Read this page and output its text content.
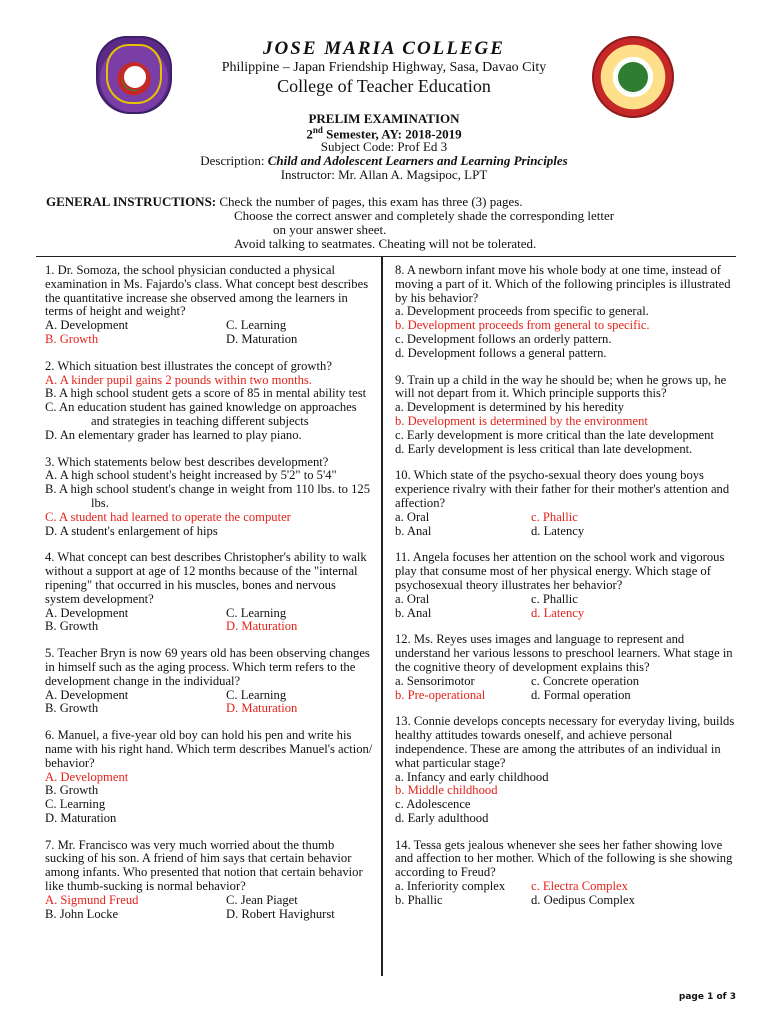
JOSE MARIA COLLEGE
Philippine – Japan Friendship Highway, Sasa, Davao City
College of Teacher Education
PRELIM EXAMINATION
2nd Semester, AY: 2018-2019
Subject Code: Prof Ed 3
Description: Child and Adolescent Learners and Learning Principles
Instructor: Mr. Allan A. Magsipoc, LPT
GENERAL INSTRUCTIONS: Check the number of pages, this exam has three (3) pages.
Choose the correct answer and completely shade the corresponding letter
on your answer sheet.
Avoid talking to seatmates. Cheating will not be tolerated.
1. Dr. Somoza, the school physician conducted a physical examination in Ms. Fajardo's class. What concept best describes the quantitative increase she observed among the learners in terms of height and weight?
A. Development	C. Learning
B. Growth	D. Maturation
2. Which situation best illustrates the concept of growth?
A. A kinder pupil gains 2 pounds within two months.
B. A high school student gets a score of 85 in mental ability test
C. An education student has gained knowledge on approaches and strategies in teaching different subjects
D. An elementary grader has learned to play piano.
3. Which statements below best describes development?
A. A high school student's height increased by 5'2" to 5'4"
B. A high school student's change in weight from 110 lbs. to 125 lbs.
C. A student had learned to operate the computer
D. A student's enlargement of hips
4. What concept can best describes Christopher's ability to walk without a support at age of 12 months because of the "internal ripening" that occurred in his muscles, bones and nervous system development?
A. Development	C. Learning
B. Growth	D. Maturation
5. Teacher Bryn is now 69 years old has been observing changes in himself such as the aging process. Which term refers to the development change in the individual?
A. Development	C. Learning
B. Growth	D. Maturation
6. Manuel, a five-year old boy can hold his pen and write his name with his right hand. Which term describes Manuel's action/ behavior?
A. Development
B. Growth
C. Learning
D. Maturation
7. Mr. Francisco was very much worried about the thumb sucking of his son. A friend of him says that certain behavior among infants. Who presented that notion that certain behavior like thumb-sucking is normal behavior?
A. Sigmund Freud	C. Jean Piaget
B. John Locke	D. Robert Havighurst
8. A newborn infant move his whole body at one time, instead of moving a part of it. Which of the following principles is illustrated by his behavior?
a. Development proceeds from specific to general.
b. Development proceeds from general to specific.
c. Development follows an orderly pattern.
d. Development follows a general pattern.
9. Train up a child in the way he should be; when he grows up, he will not depart from it. Which principle supports this?
a. Development is determined by his heredity
b. Development is determined by the environment
c. Early development is more critical than the late development
d. Early development is less critical than late development.
10. Which state of the psycho-sexual theory does young boys experience rivalry with their father for their mother's attention and affection?
a. Oral	c. Phallic
b. Anal	d. Latency
11. Angela focuses her attention on the school work and vigorous play that consume most of her physical energy. Which stage of psychosexual theory illustrates her behavior?
a. Oral	c. Phallic
b. Anal	d. Latency
12. Ms. Reyes uses images and language to represent and understand her various lessons to preschool learners. What stage in the cognitive theory of development explains this?
a. Sensorimotor	c. Concrete operation
b. Pre-operational	d. Formal operation
13. Connie develops concepts necessary for everyday living, builds healthy attitudes towards oneself, and achieve personal independence. These are among the attributes of an individual in what particular stage?
a. Infancy and early childhood
b. Middle childhood
c. Adolescence
d. Early adulthood
14. Tessa gets jealous whenever she sees her father showing love and affection to her mother. Which of the following is she showing according to Freud?
a. Inferiority complex	c. Electra Complex
b. Phallic	d. Oedipus Complex
page 1 of 3
